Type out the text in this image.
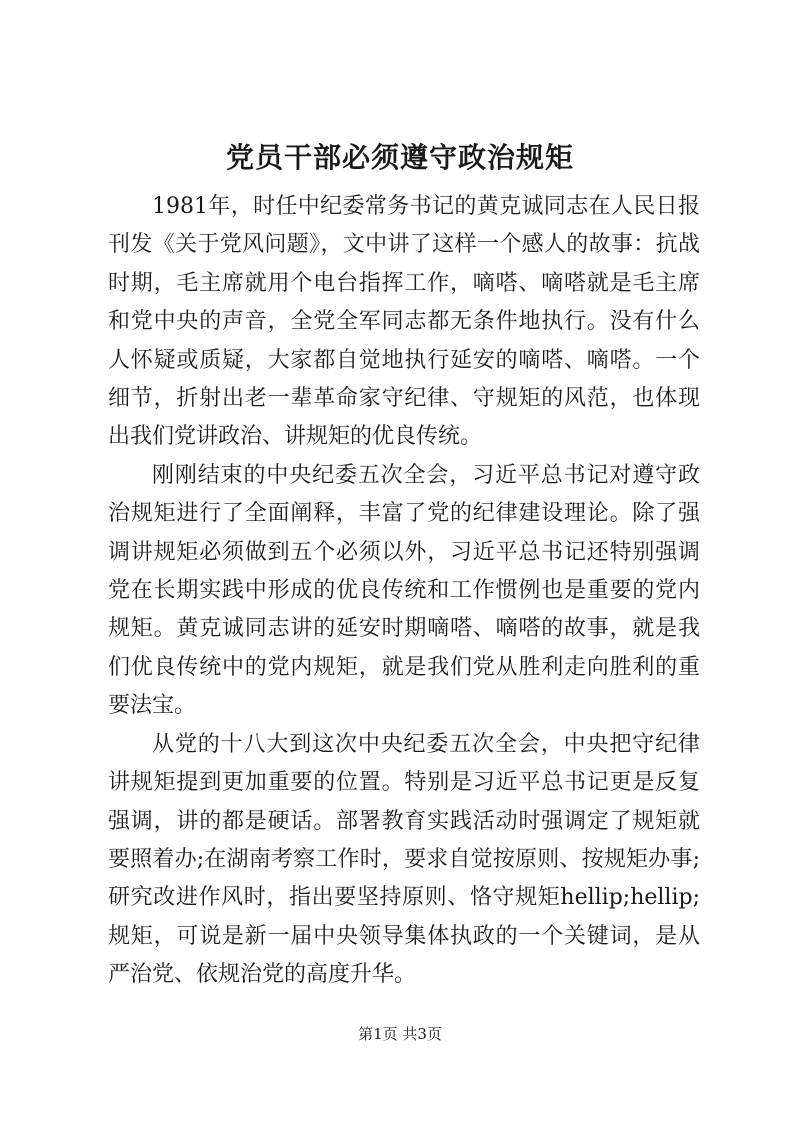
党员干部必须遵守政治规矩

1981年，时任中纪委常务书记的黄克诚同志在人民日报刊发《关于党风问题》，文中讲了这样一个感人的故事：抗战时期，毛主席就用个电台指挥工作，嘀嗒、嘀嗒就是毛主席和党中央的声音，全党全军同志都无条件地执行。没有什么人怀疑或质疑，大家都自觉地执行延安的嘀嗒、嘀嗒。一个细节，折射出老一辈革命家守纪律、守规矩的风范，也体现出我们党讲政治、讲规矩的优良传统。

刚刚结束的中央纪委五次全会，习近平总书记对遵守政治规矩进行了全面阐释，丰富了党的纪律建设理论。除了强调讲规矩必须做到五个必须以外，习近平总书记还特别强调党在长期实践中形成的优良传统和工作惯例也是重要的党内规矩。黄克诚同志讲的延安时期嘀嗒、嘀嗒的故事，就是我们优良传统中的党内规矩，就是我们党从胜利走向胜利的重要法宝。

从党的十八大到这次中央纪委五次全会，中央把守纪律讲规矩提到更加重要的位置。特别是习近平总书记更是反复强调，讲的都是硬话。部署教育实践活动时强调定了规矩就要照着办;在湖南考察工作时，要求自觉按原则、按规矩办事;研究改进作风时，指出要坚持原则、恪守规矩hellip;hellip;规矩，可说是新一届中央领导集体执政的一个关键词，是从严治党、依规治党的高度升华。

第1页 共3页
